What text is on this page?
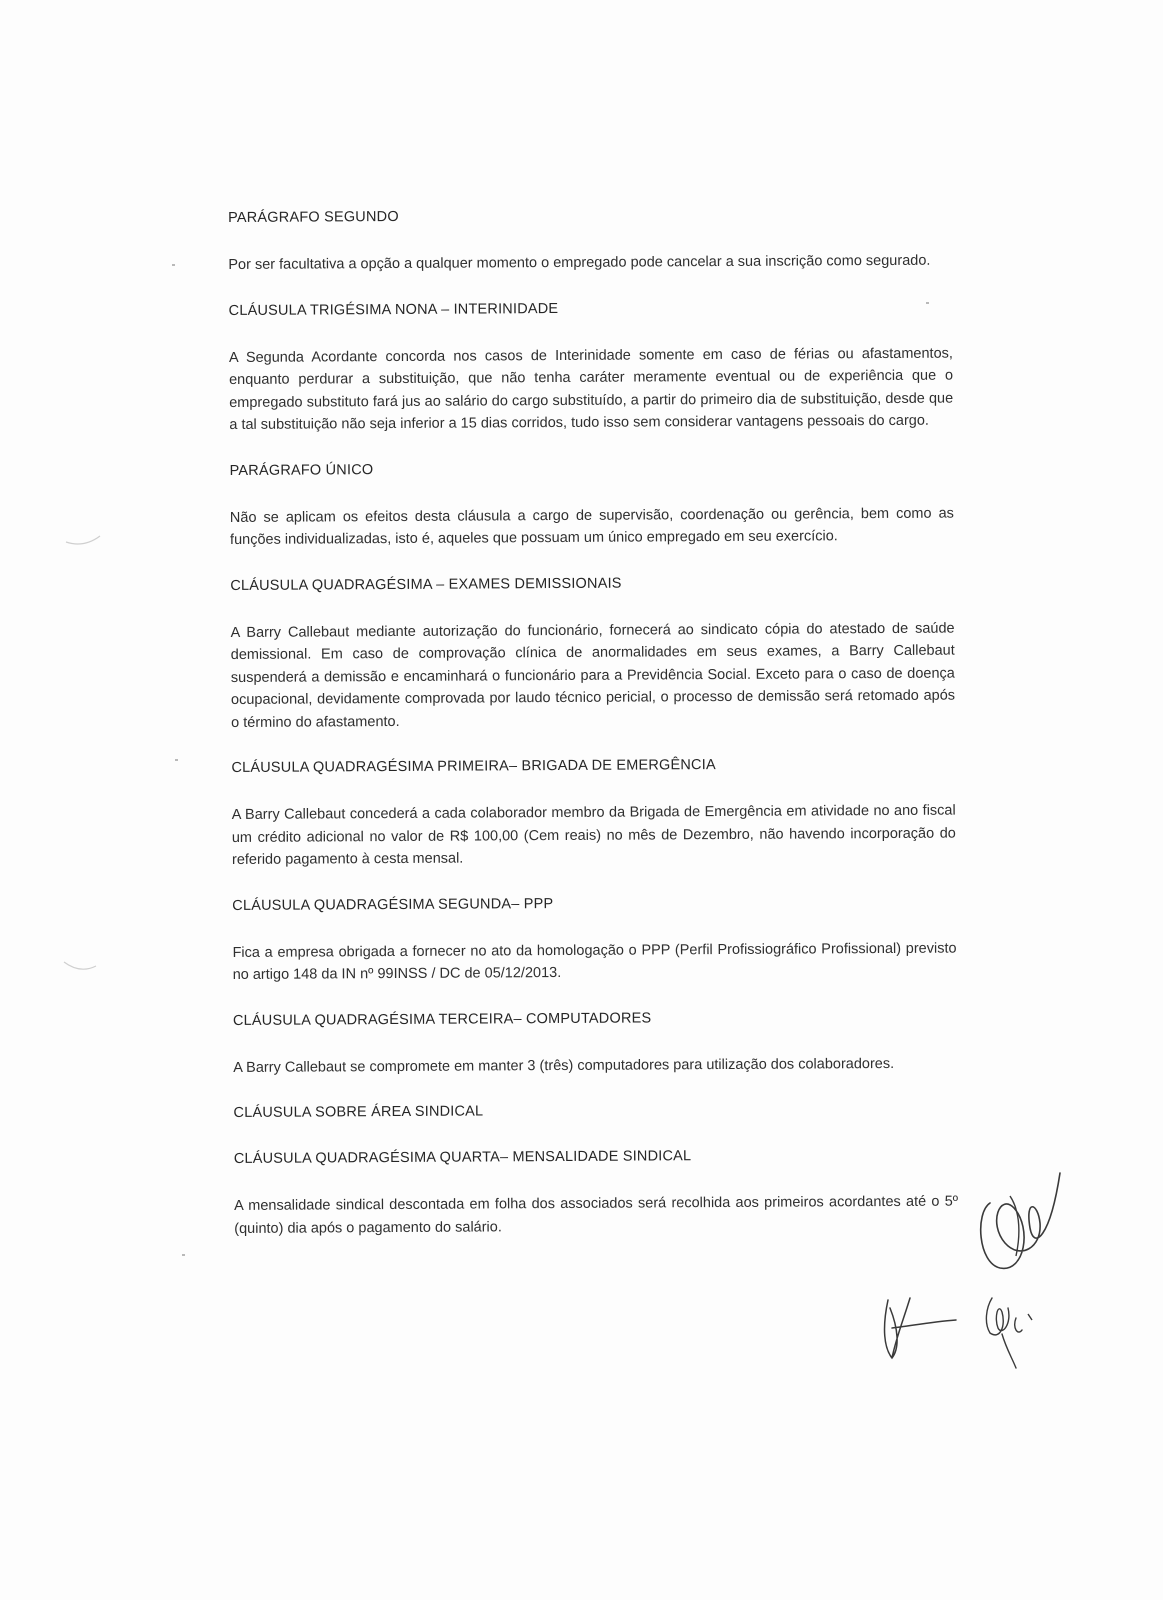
PARÁGRAFO SEGUNDO

Por ser facultativa a opção a qualquer momento o empregado pode cancelar a sua inscrição como segurado.

CLÁUSULA TRIGÉSIMA NONA – INTERINIDADE

A Segunda Acordante concorda nos casos de Interinidade somente em caso de férias ou afastamentos, enquanto perdurar a substituição, que não tenha caráter meramente eventual ou de experiência que o empregado substituto fará jus ao salário do cargo substituído, a partir do primeiro dia de substituição, desde que a tal substituição não seja inferior a 15 dias corridos, tudo isso sem considerar vantagens pessoais do cargo.

PARÁGRAFO ÚNICO

Não se aplicam os efeitos desta cláusula a cargo de supervisão, coordenação ou gerência, bem como as funções individualizadas, isto é, aqueles que possuam um único empregado em seu exercício.

CLÁUSULA QUADRAGÉSIMA – EXAMES DEMISSIONAIS

A Barry Callebaut mediante autorização do funcionário, fornecerá ao sindicato cópia do atestado de saúde demissional. Em caso de comprovação clínica de anormalidades em seus exames, a Barry Callebaut suspenderá a demissão e encaminhará o funcionário para a Previdência Social. Exceto para o caso de doença ocupacional, devidamente comprovada por laudo técnico pericial, o processo de demissão será retomado após o término do afastamento.

CLÁUSULA QUADRAGÉSIMA PRIMEIRA– BRIGADA DE EMERGÊNCIA

A Barry Callebaut concederá a cada colaborador membro da Brigada de Emergência em atividade no ano fiscal um crédito adicional no valor de R$ 100,00 (Cem reais) no mês de Dezembro, não havendo incorporação do referido pagamento à cesta mensal.

CLÁUSULA QUADRAGÉSIMA SEGUNDA– PPP

Fica a empresa obrigada a fornecer no ato da homologação o PPP (Perfil Profissiográfico Profissional) previsto no artigo 148 da IN nº 99INSS / DC de 05/12/2013.

CLÁUSULA QUADRAGÉSIMA TERCEIRA– COMPUTADORES

A Barry Callebaut se compromete em manter 3 (três) computadores para utilização dos colaboradores.

CLÁUSULA SOBRE ÁREA SINDICAL
CLÁUSULA QUADRAGÉSIMA QUARTA– MENSALIDADE SINDICAL

A mensalidade sindical descontada em folha dos associados será recolhida aos primeiros acordantes até o 5º (quinto) dia após o pagamento do salário.
